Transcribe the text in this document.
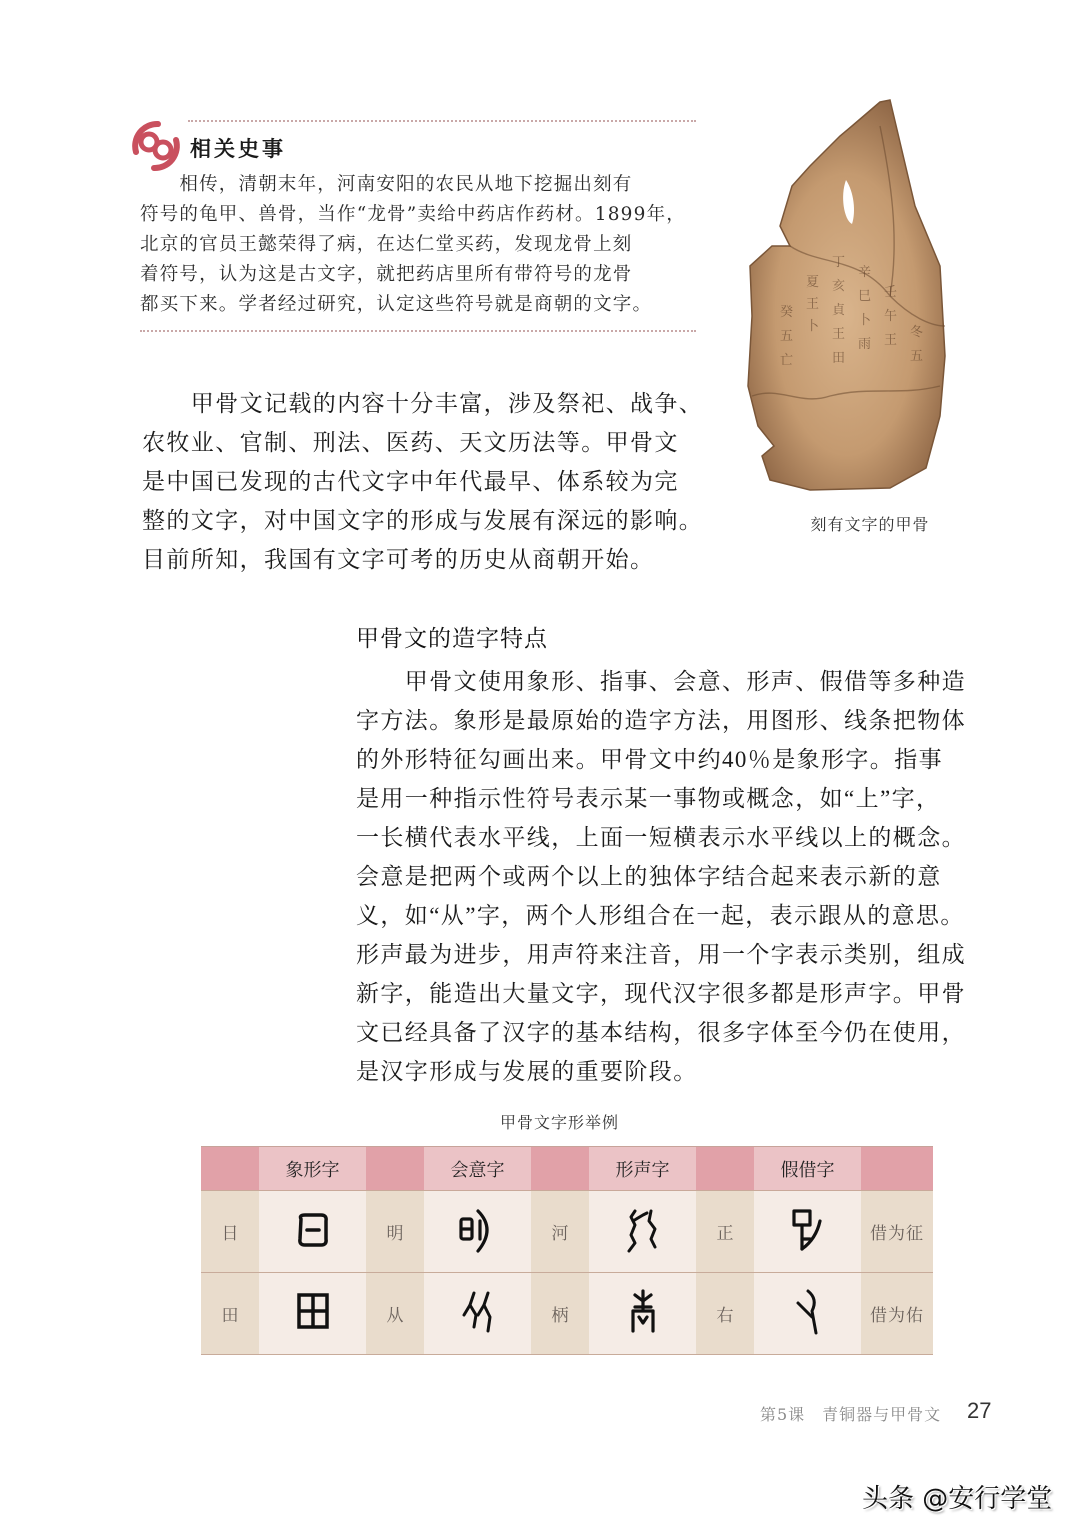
相关史事
　　相传，清朝末年，河南安阳的农民从地下挖掘出刻有
符号的龟甲、兽骨，当作“龙骨”卖给中药店作药材。1899年，
北京的官员王懿荣得了病，在达仁堂买药，发现龙骨上刻
着符号，认为这是古文字，就把药店里所有带符号的龙骨
都买下来。学者经过研究，认定这些符号就是商朝的文字。
夏
王
卜
丁
亥
貞
王
田
辛
巳
卜
雨
壬
午
王
癸
五
亡
冬
五
刻有文字的甲骨
　　甲骨文记载的内容十分丰富，涉及祭祀、战争、
农牧业、官制、刑法、医药、天文历法等。甲骨文
是中国已发现的古代文字中年代最早、体系较为完
整的文字，对中国文字的形成与发展有深远的影响。
目前所知，我国有文字可考的历史从商朝开始。
甲骨文的造字特点
　　甲骨文使用象形、指事、会意、形声、假借等多种造
字方法。象形是最原始的造字方法，用图形、线条把物体
的外形特征勾画出来。甲骨文中约40％是象形字。指事
是用一种指示性符号表示某一事物或概念，如“上”字，
一长横代表水平线，上面一短横表示水平线以上的概念。
会意是把两个或两个以上的独体字结合起来表示新的意
义，如“从”字，两个人形组合在一起，表示跟从的意思。
形声最为进步，用声符来注音，用一个字表示类别，组成
新字，能造出大量文字，现代汉字很多都是形声字。甲骨
文已经具备了汉字的基本结构，很多字体至今仍在使用，
是汉字形成与发展的重要阶段。
甲骨文字形举例
	象形字		会意字		形声字		假借字	
日		明		河		正		借为征
田		从		柄		右		借为佑
第5课　青铜器与甲骨文 27
头条 @安行学堂
